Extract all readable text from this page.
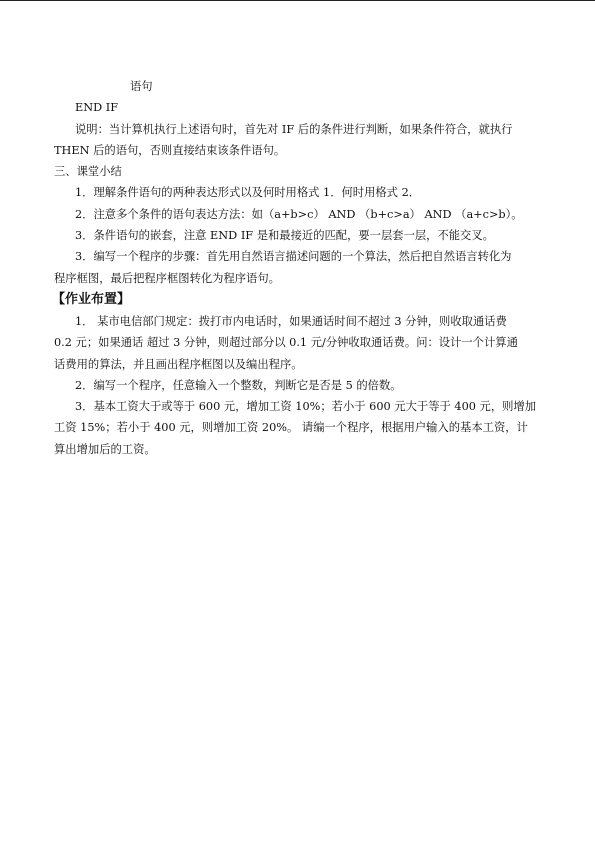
语句
END IF
说明：当计算机执行上述语句时，首先对 IF 后的条件进行判断，如果条件符合，就执行
THEN 后的语句，否则直接结束该条件语句。
三、课堂小结
1．理解条件语句的两种表达形式以及何时用格式 1．何时用格式 2．
2．注意多个条件的语句表达方法：如（a+b>c） AND （b+c>a） AND （a+c>b）。
3．条件语句的嵌套，注意 END IF 是和最接近的匹配，要一层套一层，不能交叉。
3．编写一个程序的步骤：首先用自然语言描述问题的一个算法，然后把自然语言转化为
程序框图，最后把程序框图转化为程序语句。
【作业布置】
1． 某市电信部门规定：拨打市内电话时，如果通话时间不超过 3 分钟，则收取通话费
0.2 元；如果通话 超过 3 分钟，则超过部分以 0.1 元/分钟收取通话费。问：设计一个计算通
话费用的算法，并且画出程序框图以及编出程序。
2．编写一个程序，任意输入一个整数，判断它是否是 5 的倍数。
3．基本工资大于或等于 600 元，增加工资 10%；若小于 600 元大于等于 400 元，则增加
工资 15%；若小于 400 元，则增加工资 20%。 请编一个程序，根据用户输入的基本工资，计
算出增加后的工资。
